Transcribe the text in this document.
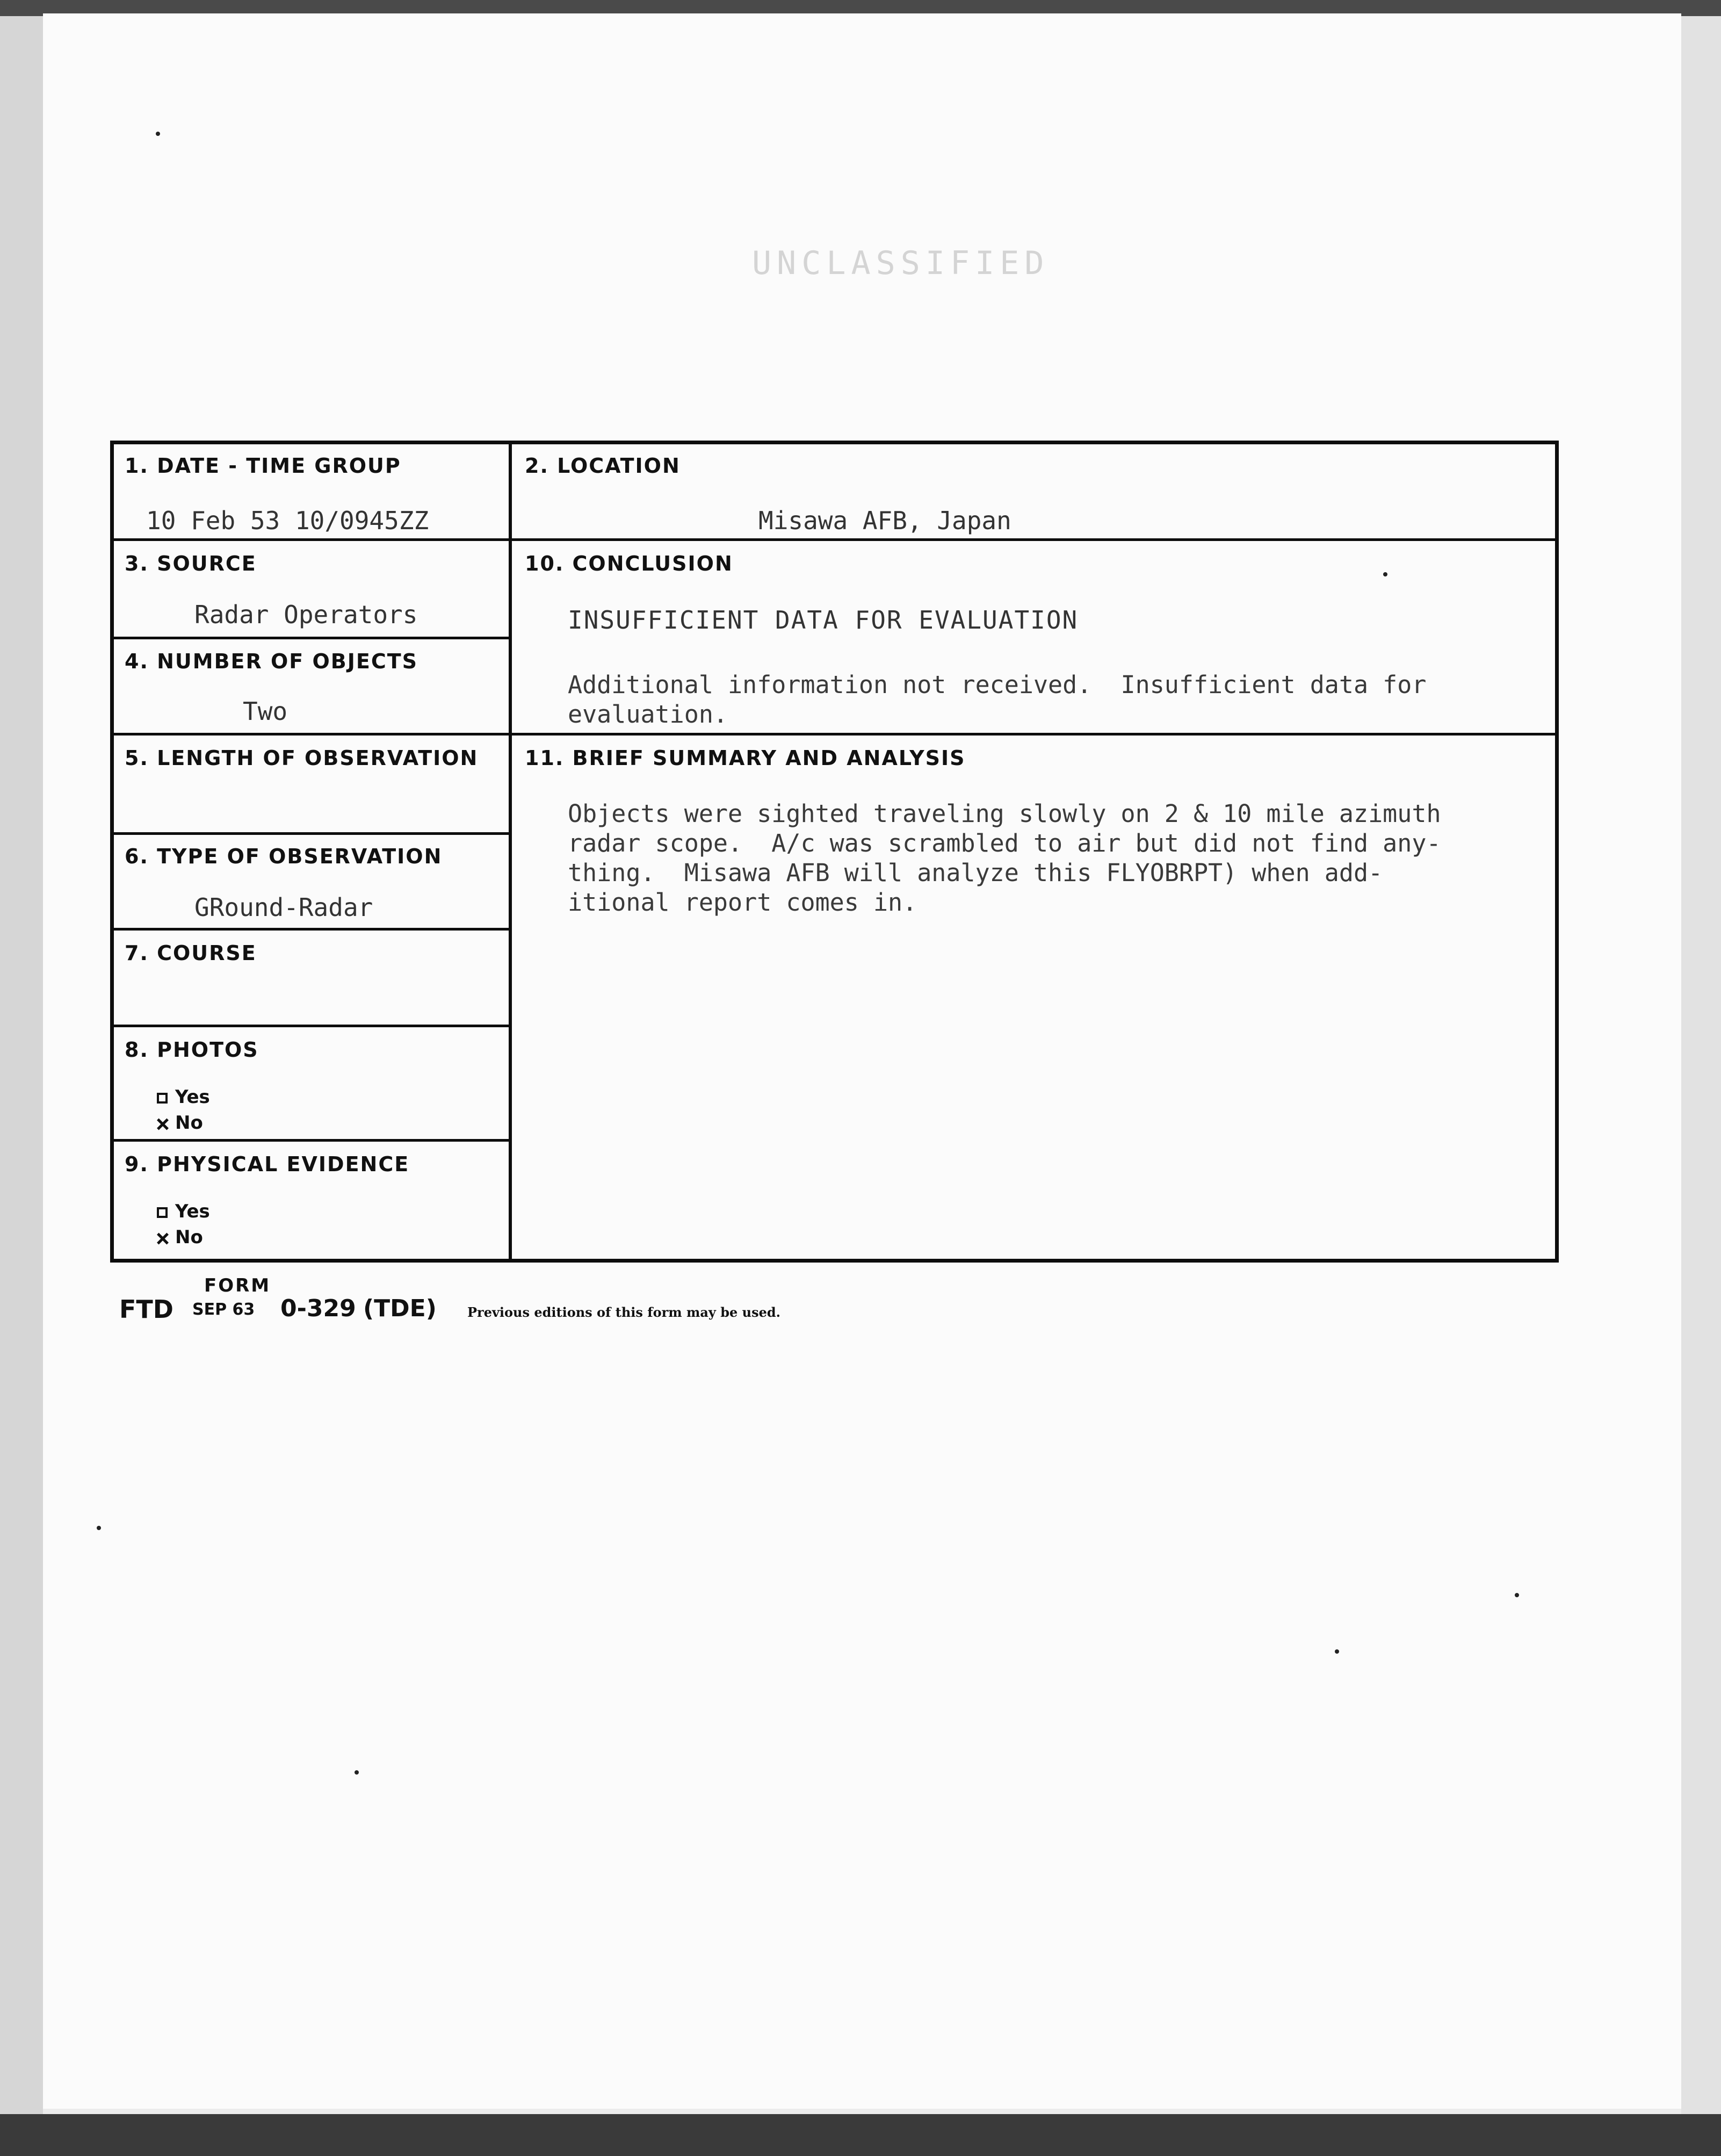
UNCLASSIFIED
1. DATE - TIME GROUP
10 Feb 53 10/0945ZZ
2. LOCATION
Misawa AFB, Japan
3. SOURCE
Radar Operators
10. CONCLUSION
INSUFFICIENT DATA FOR EVALUATION
Additional information not received.  Insufficient data for
evaluation.
4. NUMBER OF OBJECTS
Two
5. LENGTH OF OBSERVATION 11. BRIEF SUMMARY AND ANALYSIS
Objects were sighted traveling slowly on 2 & 10 mile azimuth
radar scope.  A/c was scrambled to air but did not find any-
thing.  Misawa AFB will analyze this FLYOBRPT) when add-
itional report comes in.
6. TYPE OF OBSERVATION
GRound-Radar
7. COURSE
8. PHOTOS
Yes
No
9. PHYSICAL EVIDENCE
Yes
No
FORM
FTD SEP 63 0-329 (TDE) Previous editions of this form may be used.
